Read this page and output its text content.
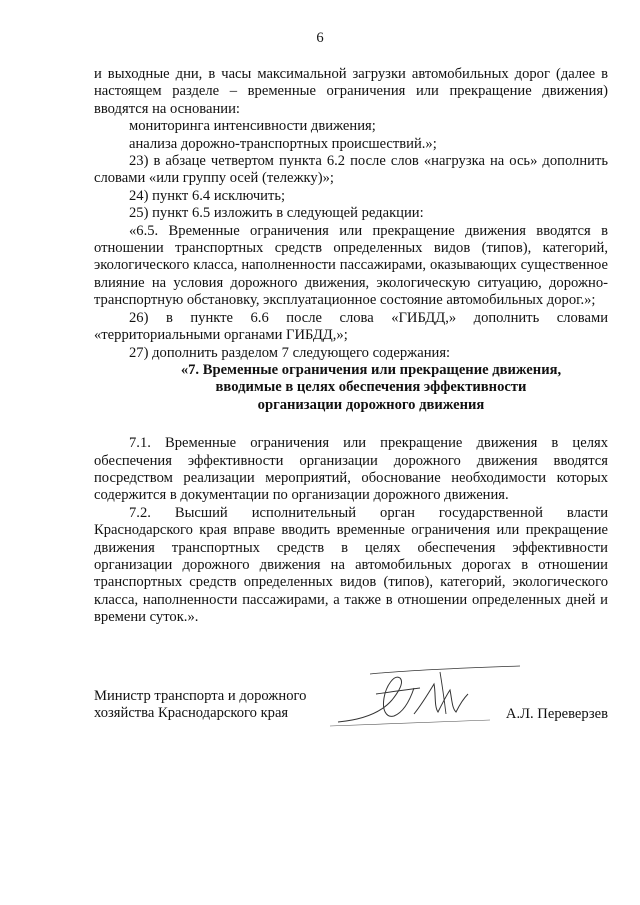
6

и выходные дни, в часы максимальной загрузки автомобильных дорог (далее в настоящем разделе – временные ограничения или прекращение движения) вводятся на основании:

мониторинга интенсивности движения;

анализа дорожно-транспортных происшествий.»;

23) в абзаце четвертом пункта 6.2 после слов «нагрузка на ось» дополнить словами «или группу осей (тележку)»;

24) пункт 6.4 исключить;

25) пункт 6.5 изложить в следующей редакции:

«6.5. Временные ограничения или прекращение движения вводятся в отношении транспортных средств определенных видов (типов), категорий, экологического класса, наполненности пассажирами, оказывающих существенное влияние на условия дорожного движения, экологическую ситуацию, дорожно-транспортную обстановку, эксплуатационное состояние автомобильных дорог.»;

26) в пункте 6.6 после слова «ГИБДД,» дополнить словами «территориальными органами ГИБДД,»;

27) дополнить разделом 7 следующего содержания:

«7. Временные ограничения или прекращение движения,

вводимые в целях обеспечения эффективности

организации дорожного движения

7.1. Временные ограничения или прекращение движения в целях обеспечения эффективности организации дорожного движения вводятся посредством реализации мероприятий, обоснование необходимости которых содержится в документации по организации дорожного движения.

7.2. Высший исполнительный орган государственной власти Краснодарского края вправе вводить временные ограничения или прекращение движения транспортных средств в целях обеспечения эффективности организации дорожного движения на автомобильных дорогах в отношении транспортных средств определенных видов (типов), категорий, экологического класса, наполненности пассажирами, а также в отношении определенных дней и времени суток.».

Министр транспорта и дорожного
хозяйства Краснодарского края	А.Л. Переверзев
